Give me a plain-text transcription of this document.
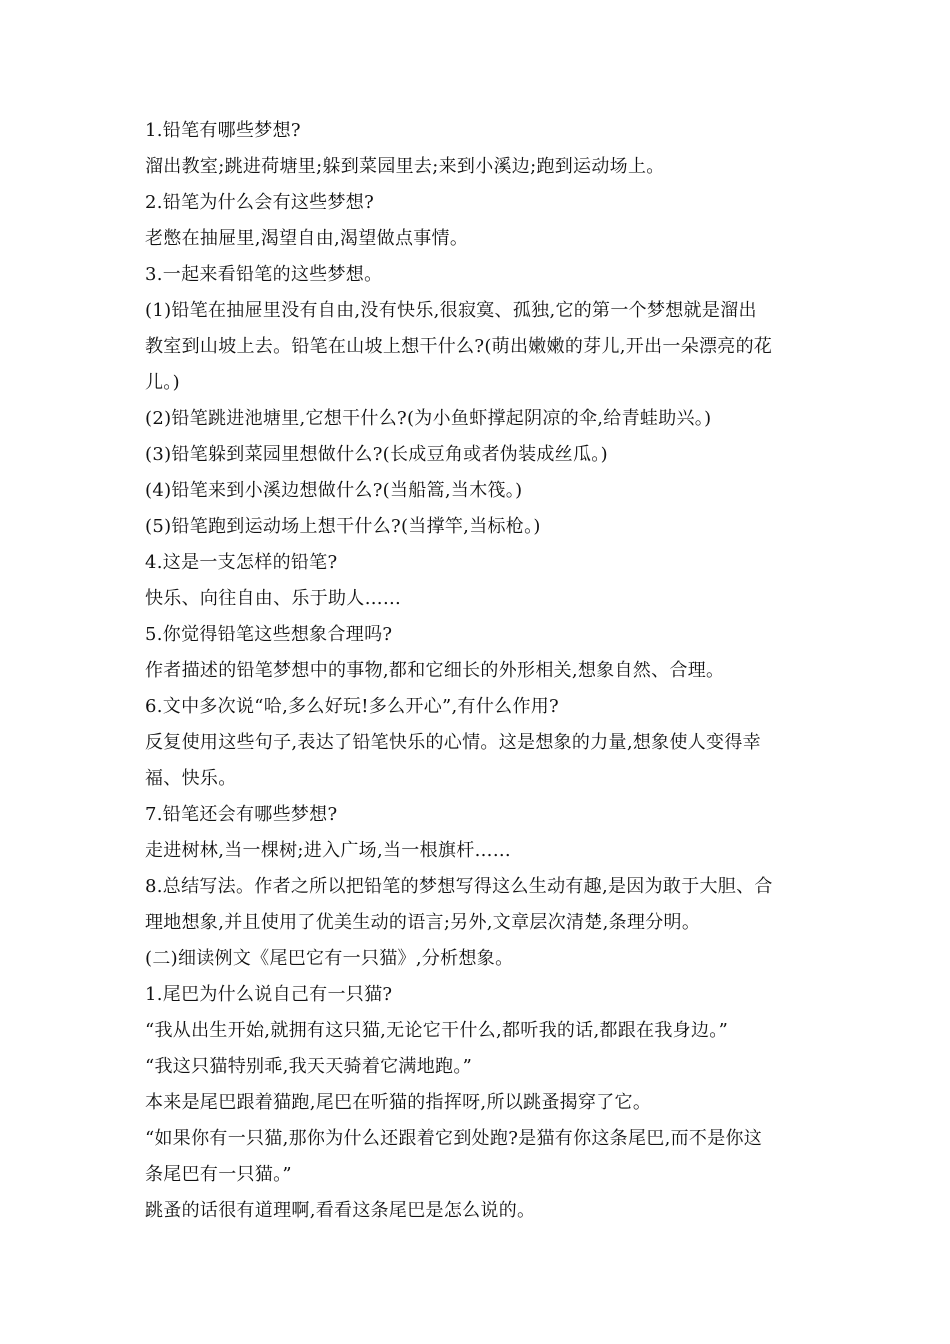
1.铅笔有哪些梦想?
溜出教室;跳进荷塘里;躲到菜园里去;来到小溪边;跑到运动场上。
2.铅笔为什么会有这些梦想?
老憋在抽屉里,渴望自由,渴望做点事情。
3.一起来看铅笔的这些梦想。
(1)铅笔在抽屉里没有自由,没有快乐,很寂寞、孤独,它的第一个梦想就是溜出
教室到山坡上去。铅笔在山坡上想干什么?(萌出嫩嫩的芽儿,开出一朵漂亮的花
儿。)
(2)铅笔跳进池塘里,它想干什么?(为小鱼虾撑起阴凉的伞,给青蛙助兴。)
(3)铅笔躲到菜园里想做什么?(长成豆角或者伪装成丝瓜。)
(4)铅笔来到小溪边想做什么?(当船篙,当木筏。)
(5)铅笔跑到运动场上想干什么?(当撑竿,当标枪。)
4.这是一支怎样的铅笔?
快乐、向往自由、乐于助人……
5.你觉得铅笔这些想象合理吗?
作者描述的铅笔梦想中的事物,都和它细长的外形相关,想象自然、合理。
6.文中多次说“哈,多么好玩!多么开心”,有什么作用?
反复使用这些句子,表达了铅笔快乐的心情。这是想象的力量,想象使人变得幸
福、快乐。
7.铅笔还会有哪些梦想?
走进树林,当一棵树;进入广场,当一根旗杆……
8.总结写法。作者之所以把铅笔的梦想写得这么生动有趣,是因为敢于大胆、合
理地想象,并且使用了优美生动的语言;另外,文章层次清楚,条理分明。
(二)细读例文《尾巴它有一只猫》,分析想象。
1.尾巴为什么说自己有一只猫?
“我从出生开始,就拥有这只猫,无论它干什么,都听我的话,都跟在我身边。”
“我这只猫特别乖,我天天骑着它满地跑。”
本来是尾巴跟着猫跑,尾巴在听猫的指挥呀,所以跳蚤揭穿了它。
“如果你有一只猫,那你为什么还跟着它到处跑?是猫有你这条尾巴,而不是你这
条尾巴有一只猫。”
跳蚤的话很有道理啊,看看这条尾巴是怎么说的。
